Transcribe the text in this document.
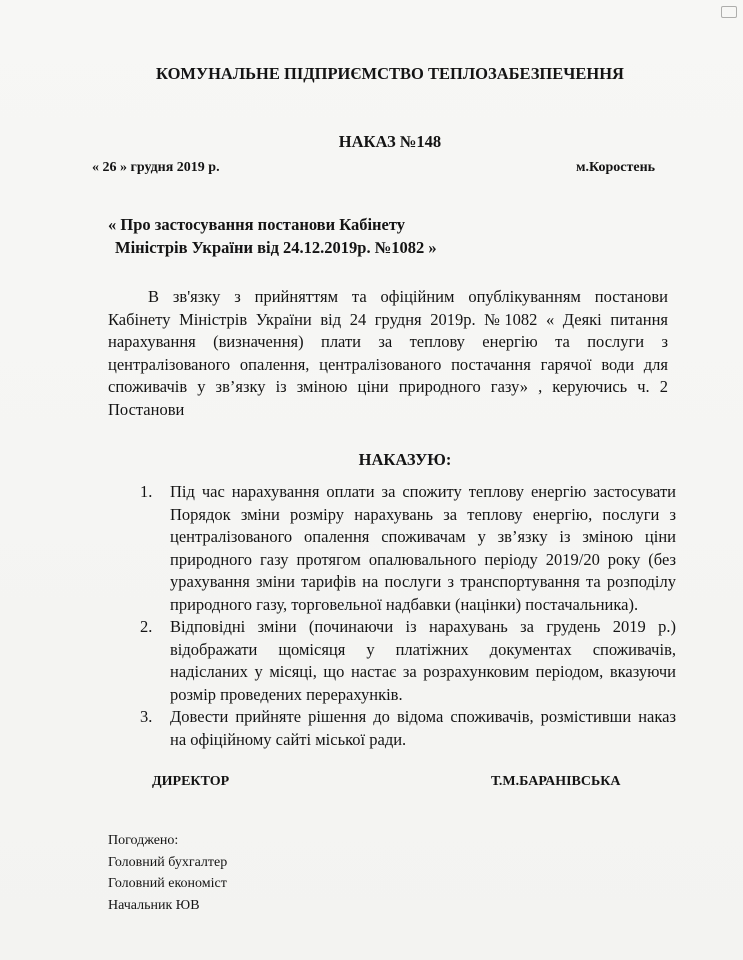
КОМУНАЛЬНЕ ПІДПРИЄМСТВО ТЕПЛОЗАБЕЗПЕЧЕННЯ
НАКАЗ №148
« 26 » грудня 2019 р.	м.Коростень
« Про застосування постанови Кабінету
Міністрів України від 24.12.2019р. №1082 »
В зв'язку з прийняттям та офіційним опублікуванням постанови
Кабінету Міністрів України від 24 грудня 2019р. №1082 « Деякі питання
нарахування (визначення) плати за теплову енергію та послуги з
централізованого опалення, централізованого постачання гарячої води для
споживачів у зв’язку із зміною ціни природного газу» , керуючись ч. 2
Постанови
НАКАЗУЮ:
1. Під час нарахування оплати за спожиту теплову енергію застосувати
Порядок зміни розміру нарахувань за теплову енергію, послуги з
централізованого опалення споживачам у зв’язку із зміною ціни
природного газу протягом опалювального періоду 2019/20 року (без
урахування зміни тарифів на послуги з транспортування та розподілу
природного газу, торговельної надбавки (націнки) постачальника).
2. Відповідні зміни (починаючи із нарахувань за грудень 2019 р.)
відображати щомісяця у платіжних документах споживачів,
надісланих у місяці, що настає за розрахунковим періодом, вказуючи
розмір проведених перерахунків.
3. Довести прийняте рішення до відома споживачів, розмістивши наказ
на офіційному сайті міської ради.
ДИРЕКТОР	Т.М.БАРАНІВСЬКА
Погоджено:
Головний бухгалтер
Головний економіст
Начальник ЮВ
